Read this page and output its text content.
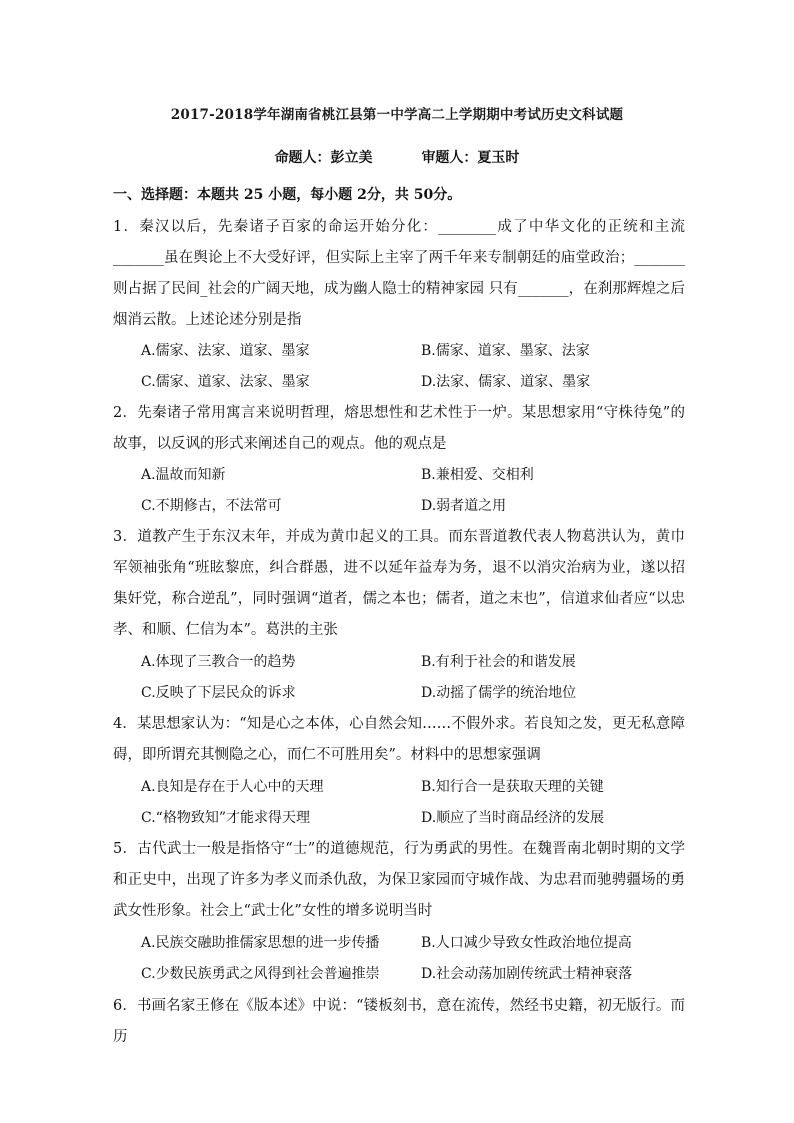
2017-2018学年湖南省桃江县第一中学高二上学期期中考试历史文科试题
命题人：彭立美	审题人：夏玉时
一、选择题：本题共 25 小题，每小题 2分，共 50分。
1．秦汉以后，先秦诸子百家的命运开始分化：________成了中华文化的正统和主流 _______虽在舆论上不大受好评，但实际上主宰了两千年来专制朝廷的庙堂政治；_______则占据了民间_社会的广阔天地，成为幽人隐士的精神家园 只有_______，在刹那辉煌之后烟消云散。上述论述分别是指
A.儒家、法家、道家、墨家	B.儒家、道家、墨家、法家
C.儒家、道家、法家、墨家	D.法家、儒家、道家、墨家
2．先秦诸子常用寓言来说明哲理，熔思想性和艺术性于一炉。某思想家用“守株待兔”的故事，以反讽的形式来阐述自己的观点。他的观点是
A.温故而知新	B.兼相爱、交相利
C.不期修古，不法常可	D.弱者道之用
3．道教产生于东汉末年，并成为黄巾起义的工具。而东晋道教代表人物葛洪认为，黄巾军领袖张角“班眩黎庶，纠合群愚，进不以延年益寿为务，退不以消灾治病为业，遂以招集奸党，称合逆乱”，同时强调“道者，儒之本也；儒者，道之末也”，信道求仙者应“以忠孝、和顺、仁信为本”。葛洪的主张
A.体现了三教合一的趋势	B.有利于社会的和谐发展
C.反映了下层民众的诉求	D.动摇了儒学的统治地位
4．某思想家认为：“知是心之本体，心自然会知……不假外求。若良知之发，更无私意障碍，即所谓充其恻隐之心，而仁不可胜用矣”。材料中的思想家强调
A.良知是存在于人心中的天理	B.知行合一是获取天理的关键
C.“格物致知”才能求得天理	D.顺应了当时商品经济的发展
5．古代武士一般是指恪守“士”的道德规范，行为勇武的男性。在魏晋南北朝时期的文学和正史中，出现了许多为孝义而杀仇敌，为保卫家园而守城作战、为忠君而驰骋疆场的勇武女性形象。社会上“武士化”女性的增多说明当时
A.民族交融助推儒家思想的进一步传播	B.人口减少导致女性政治地位提高
C.少数民族勇武之风得到社会普遍推崇	D.社会动荡加剧传统武士精神衰落
6．书画名家王修在《版本述》中说：“镂板刻书，意在流传，然经书史籍，初无版行。而历
